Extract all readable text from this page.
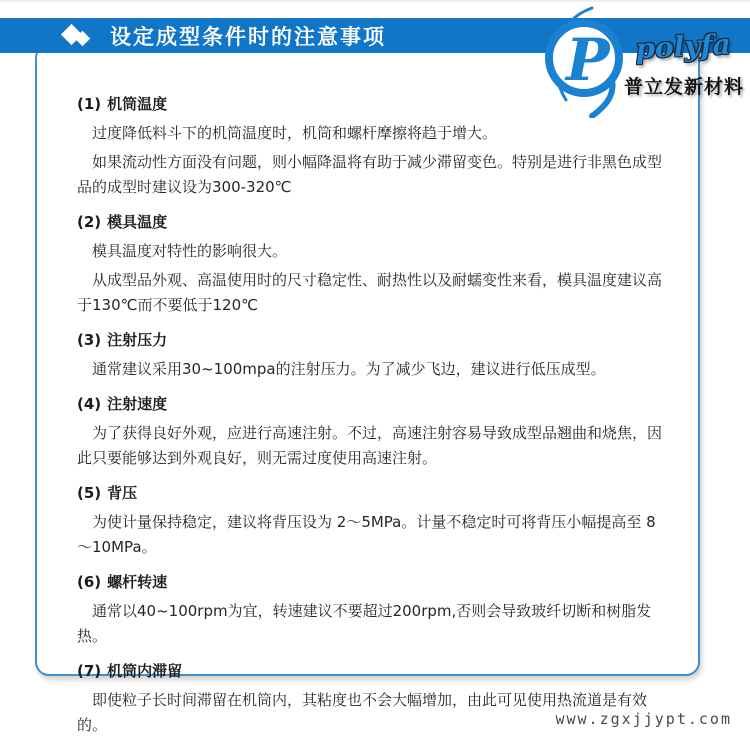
设定成型条件时的注意事项	P polyfa
普立发新材料
(1) 机筒温度

过度降低料斗下的机筒温度时，机筒和螺杆摩擦将趋于增大。

如果流动性方面没有问题，则小幅降温将有助于减少滞留变色。特别是进行非黑色成型品的成型时建议设为300-320℃

(2) 模具温度

模具温度对特性的影响很大。

从成型品外观、高温使用时的尺寸稳定性、耐热性以及耐蠕变性来看，模具温度建议高于130℃而不要低于120℃

(3) 注射压力

通常建议采用30~100mpa的注射压力。为了减少飞边，建议进行低压成型。

(4) 注射速度

为了获得良好外观，应进行高速注射。不过，高速注射容易导致成型品翘曲和烧焦，因此只要能够达到外观良好，则无需过度使用高速注射。

(5) 背压

为使计量保持稳定，建议将背压设为 2～5MPa。计量不稳定时可将背压小幅提高至 8～10MPa。

(6) 螺杆转速

通常以40~100rpm为宜，转速建议不要超过200rpm,否则会导致玻纤切断和树脂发热。

(7) 机筒内滞留

即使粒子长时间滞留在机筒内，其粘度也不会大幅增加，由此可见使用热流道是有效的。	www.zgxjjypt.com
